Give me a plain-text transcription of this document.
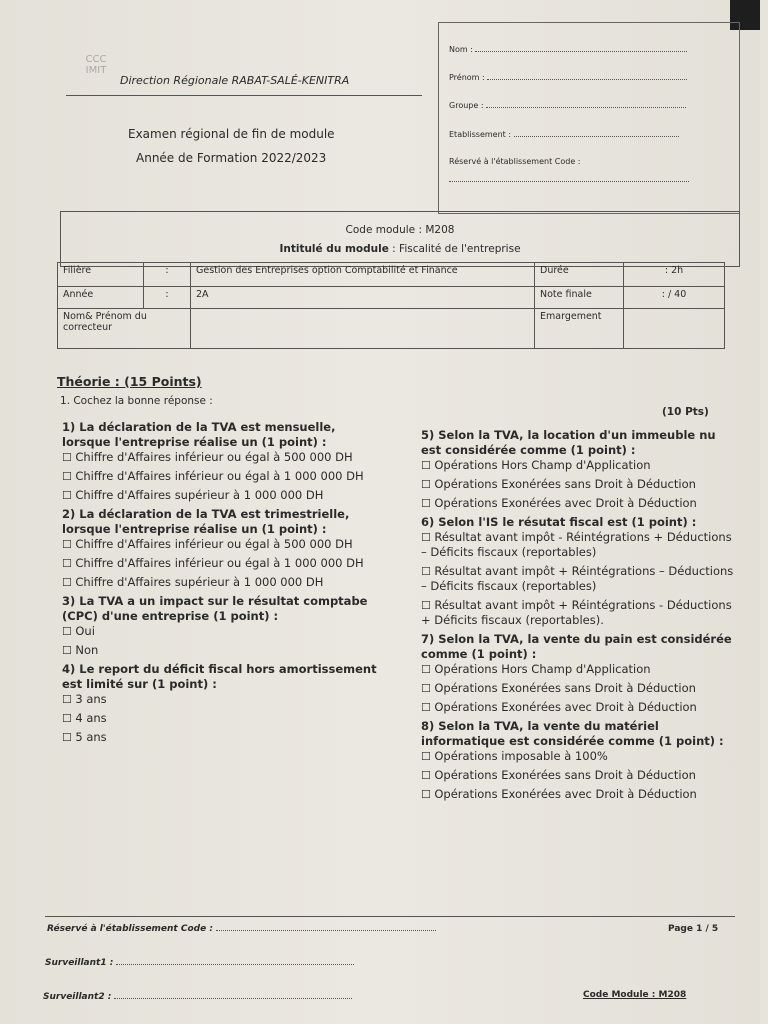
CCC IMIT
Direction Régionale RABAT-SALÉ-KENITRA
Examen régional de fin de module
Année de Formation 2022/2023
Nom :
Prénom :
Groupe :
Etablissement :
Réservé à l'établissement Code :
Code module : M208
Intitulé du module : Fiscalité de l'entreprise
Filière	:	Gestion des Entreprises option Comptabilité et Finance	Durée	: 2h
Année	:	2A	Note finale	: / 40
Nom& Prénom du correcteur			Emargement	
Théorie : (15 Points)
1. Cochez la bonne réponse :
(10 Pts)
1) La déclaration de la TVA est mensuelle, lorsque l'entreprise réalise un (1 point) :
☐ Chiffre d'Affaires inférieur ou égal à 500 000 DH
☐ Chiffre d'Affaires inférieur ou égal à 1 000 000 DH
☐ Chiffre d'Affaires supérieur à 1 000 000 DH
2) La déclaration de la TVA est trimestrielle, lorsque l'entreprise réalise un (1 point) :
☐ Chiffre d'Affaires inférieur ou égal à 500 000 DH
☐ Chiffre d'Affaires inférieur ou égal à 1 000 000 DH
☐ Chiffre d'Affaires supérieur à 1 000 000 DH
3) La TVA a un impact sur le résultat comptabe (CPC) d'une entreprise (1 point) :
☐ Oui
☐ Non
4) Le report du déficit fiscal hors amortissement est limité sur (1 point) :
☐ 3 ans
☐ 4 ans
☐ 5 ans
5) Selon la TVA, la location d'un immeuble nu est considérée comme (1 point) :
☐ Opérations Hors Champ d'Application
☐ Opérations Exonérées sans Droit à Déduction
☐ Opérations Exonérées avec Droit à Déduction
6) Selon l'IS le résutat fiscal est (1 point) :
☐ Résultat avant impôt - Réintégrations + Déductions – Déficits fiscaux (reportables)
☐ Résultat avant impôt + Réintégrations – Déductions – Déficits fiscaux (reportables)
☐ Résultat avant impôt + Réintégrations - Déductions + Déficits fiscaux (reportables).
7) Selon la TVA, la vente du pain est considérée comme (1 point) :
☐ Opérations Hors Champ d'Application
☐ Opérations Exonérées sans Droit à Déduction
☐ Opérations Exonérées avec Droit à Déduction
8) Selon la TVA, la vente du matériel informatique est considérée comme (1 point) :
☐ Opérations imposable à 100%
☐ Opérations Exonérées sans Droit à Déduction
☐ Opérations Exonérées avec Droit à Déduction
Réservé à l'établissement Code :	Page 1 / 5
Surveillant1 :
Surveillant2 :	Code Module : M208
